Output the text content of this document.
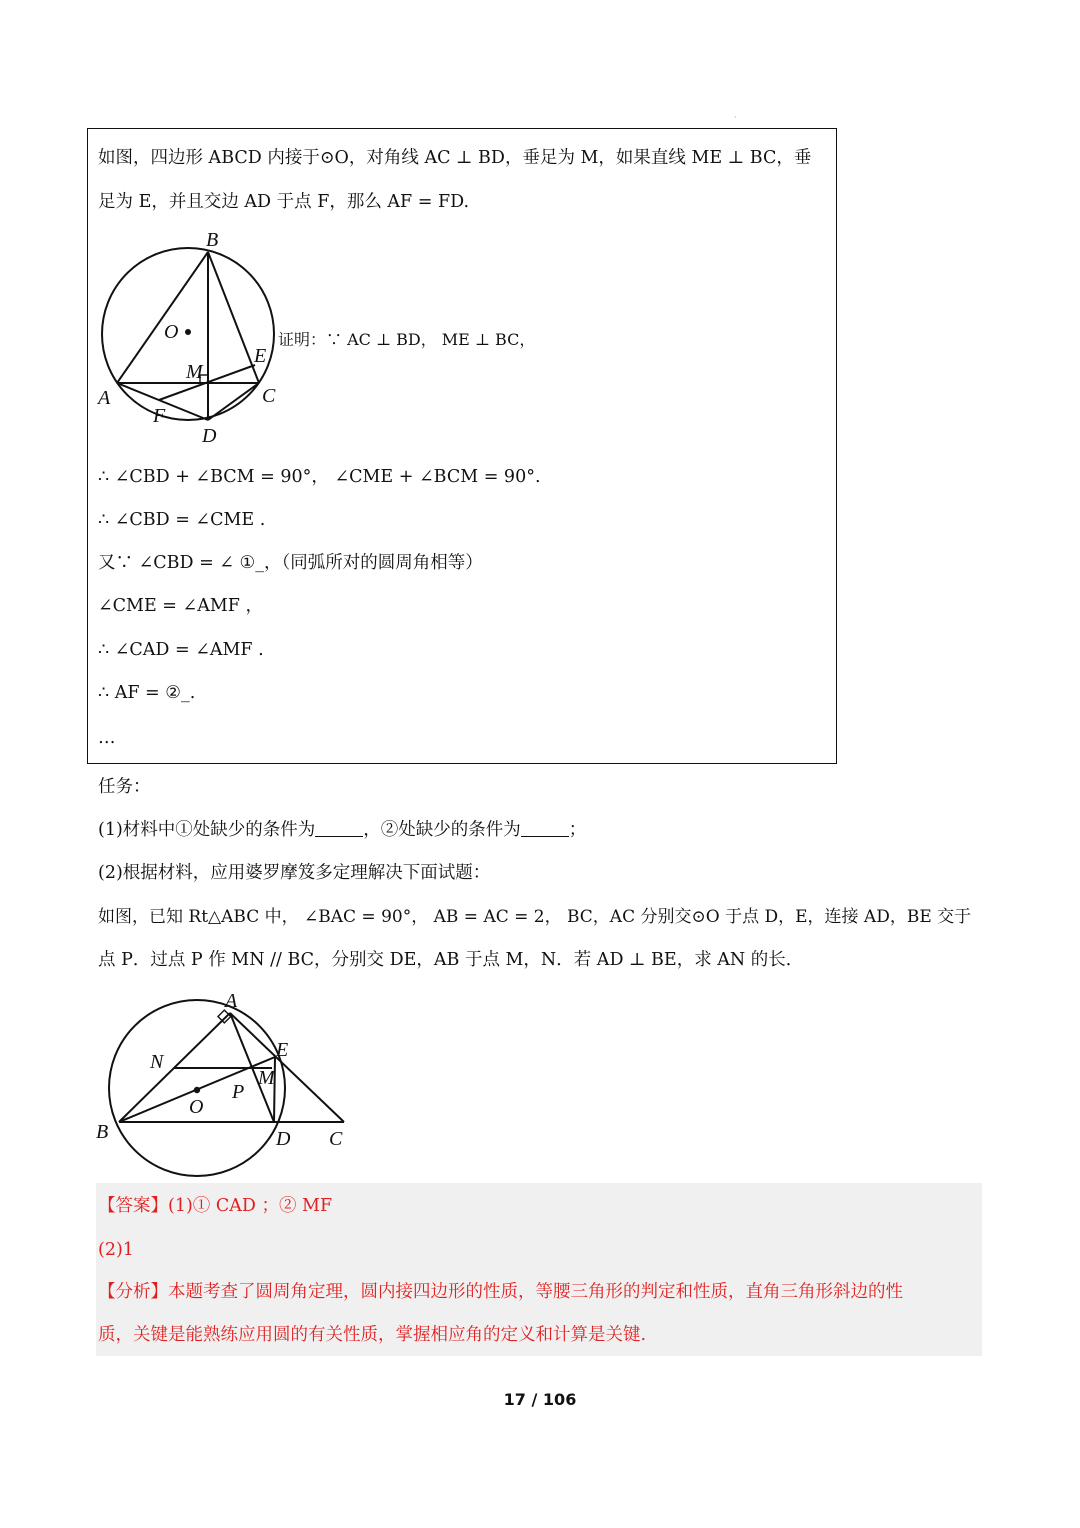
·
如图，四边形 ABCD 内接于⊙O，对角线 AC ⊥ BD，垂足为 M，如果直线 ME ⊥ BC，垂
足为 E，并且交边 AD 于点 F，那么 AF = FD.
B
O
E
M
A	C
F
D
证明：∵ AC ⊥ BD， ME ⊥ BC，
∴ ∠CBD + ∠BCM = 90°， ∠CME + ∠BCM = 90°.
∴ ∠CBD = ∠CME .
又∵ ∠CBD = ∠ ①_，（同弧所对的圆周角相等）
∠CME = ∠AMF ，
∴ ∠CAD = ∠AMF .
∴ AF = ②_.
…
任务：
(1)材料中①处缺少的条件为	，②处缺少的条件为	；
(2)根据材料，应用婆罗摩笈多定理解决下面试题：
如图，已知 Rt△ABC 中， ∠BAC = 90°， AB = AC = 2， BC，AC 分别交⊙O 于点 D，E，连接 AD，BE 交于
点 P．过点 P 作 MN // BC，分别交 DE，AB 于点 M，N．若 AD ⊥ BE，求 AN 的长．
A
N
E
M
P
O
B	D C
【答案】(1)① CAD ；② MF
(2)1
【分析】本题考查了圆周角定理，圆内接四边形的性质，等腰三角形的判定和性质，直角三角形斜边的性
质，关键是能熟练应用圆的有关性质，掌握相应角的定义和计算是关键.
17 / 106
